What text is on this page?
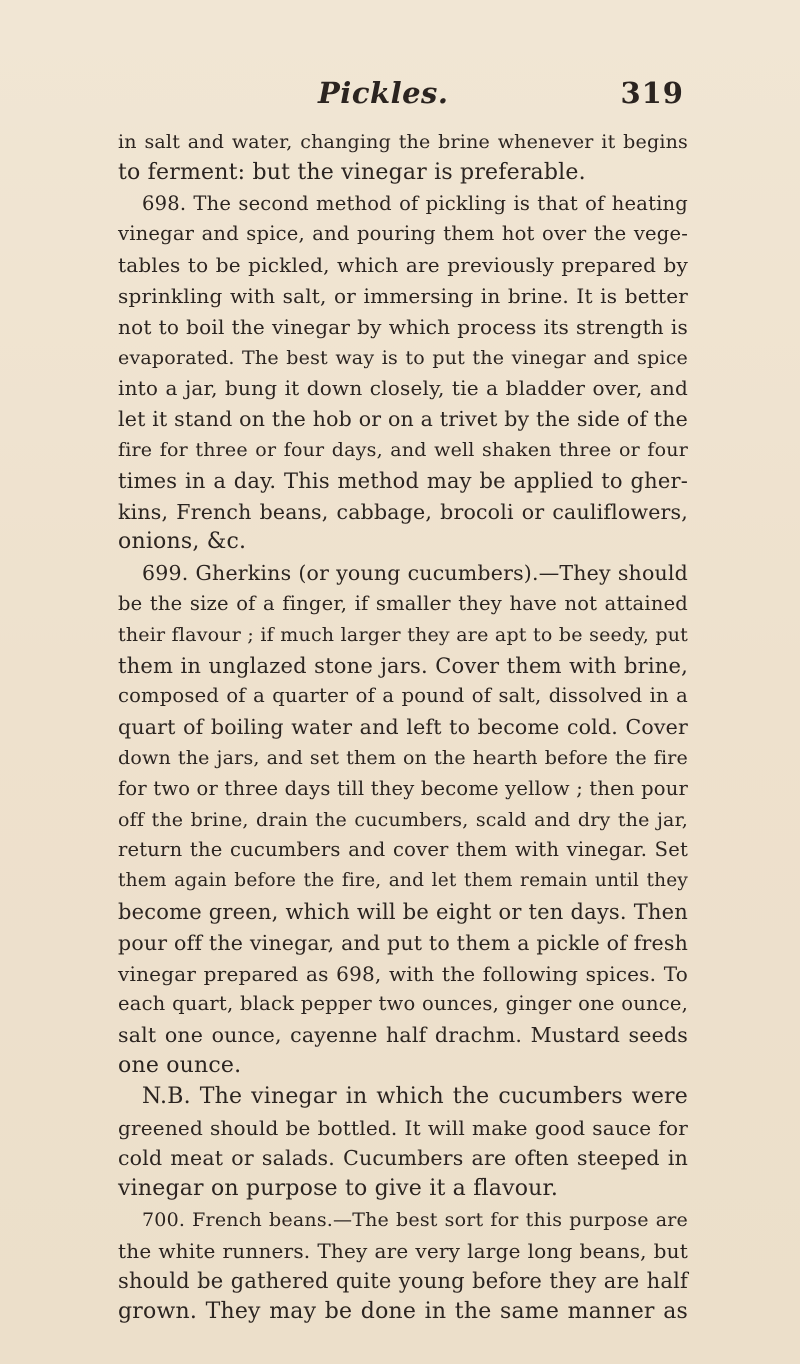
Pickles.	319
in salt and water, changing the brine whenever it begins
to ferment: but the vinegar is preferable.
698. The second method of pickling is that of heating
vinegar and spice, and pouring them hot over the vege-
tables to be pickled, which are previously prepared by
sprinkling with salt, or immersing in brine. It is better
not to boil the vinegar by which process its strength is
evaporated. The best way is to put the vinegar and spice
into a jar, bung it down closely, tie a bladder over, and
let it stand on the hob or on a trivet by the side of the
fire for three or four days, and well shaken three or four
times in a day. This method may be applied to gher-
kins, French beans, cabbage, brocoli or cauliflowers,
onions, &c.
699. Gherkins (or young cucumbers).—They should
be the size of a finger, if smaller they have not attained
their flavour ; if much larger they are apt to be seedy, put
them in unglazed stone jars. Cover them with brine,
composed of a quarter of a pound of salt, dissolved in a
quart of boiling water and left to become cold. Cover
down the jars, and set them on the hearth before the fire
for two or three days till they become yellow ; then pour
off the brine, drain the cucumbers, scald and dry the jar,
return the cucumbers and cover them with vinegar. Set
them again before the fire, and let them remain until they
become green, which will be eight or ten days. Then
pour off the vinegar, and put to them a pickle of fresh
vinegar prepared as 698, with the following spices. To
each quart, black pepper two ounces, ginger one ounce,
salt one ounce, cayenne half drachm. Mustard seeds
one ounce.
N.B. The vinegar in which the cucumbers were
greened should be bottled. It will make good sauce for
cold meat or salads. Cucumbers are often steeped in
vinegar on purpose to give it a flavour.
700. French beans.—The best sort for this purpose are
the white runners. They are very large long beans, but
should be gathered quite young before they are half
grown. They may be done in the same manner as
